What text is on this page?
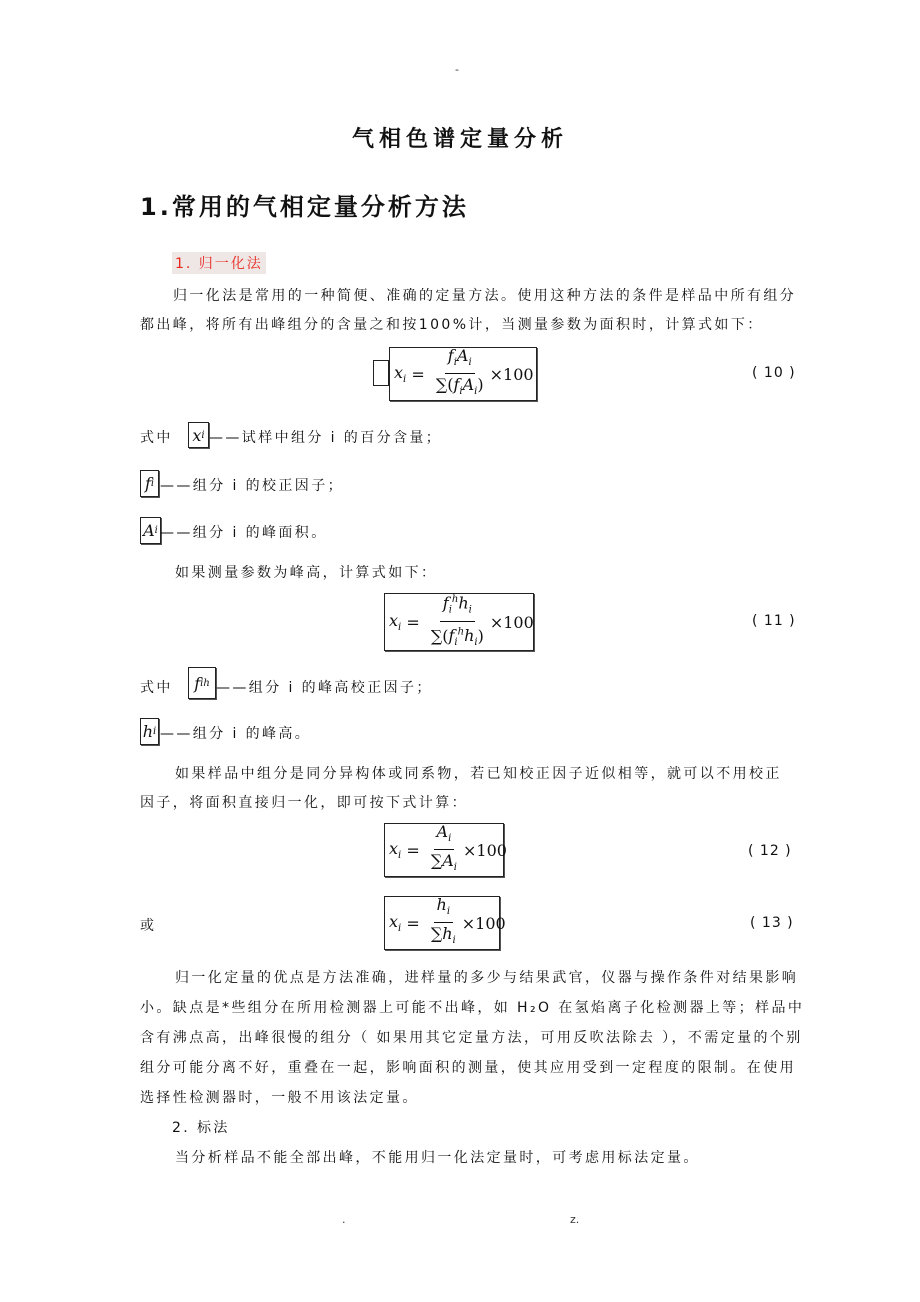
-
气相色谱定量分析
1.常用的气相定量分析方法
1. 归一化法
归一化法是常用的一种简便、准确的定量方法。使用这种方法的条件是样品中所有组分
都出峰，将所有出峰组分的含量之和按100%计，当测量参数为面积时，计算式如下：
$x_i = \frac{f_iA_i}{\sum(f_iA_i)} \times 100$	( 10 )
式中 x i ——试样中组分 i 的百分含量；
f i ——组分 i 的校正因子；
A i ——组分 i 的峰面积。
如果测量参数为峰高，计算式如下：
$x_i = \frac{f_i^hh_i}{\sum(f_i^hh_i)} \times 100$	( 11 )
式中	f i h ——组分 i 的峰高校正因子；
h i ——组分 i 的峰高。
如果样品中组分是同分异构体或同系物，若已知校正因子近似相等，就可以不用校正
因子，将面积直接归一化，即可按下式计算：
$x_i = \frac{A_i}{\sum A_i} \times 100$	( 12 )
或	$x_i = \frac{h_i}{\sum h_i} \times 100$	( 13 )
归一化定量的优点是方法准确，进样量的多少与结果武官，仪器与操作条件对结果影响
小。缺点是*些组分在所用检测器上可能不出峰，如 H₂O 在氢焰离子化检测器上等；样品中
含有沸点高，出峰很慢的组分（ 如果用其它定量方法，可用反吹法除去 ），不需定量的个别
组分可能分离不好，重叠在一起，影响面积的测量，使其应用受到一定程度的限制。在使用
选择性检测器时，一般不用该法定量。
2. 标法
当分析样品不能全部出峰，不能用归一化法定量时，可考虑用标法定量。
.	z.
